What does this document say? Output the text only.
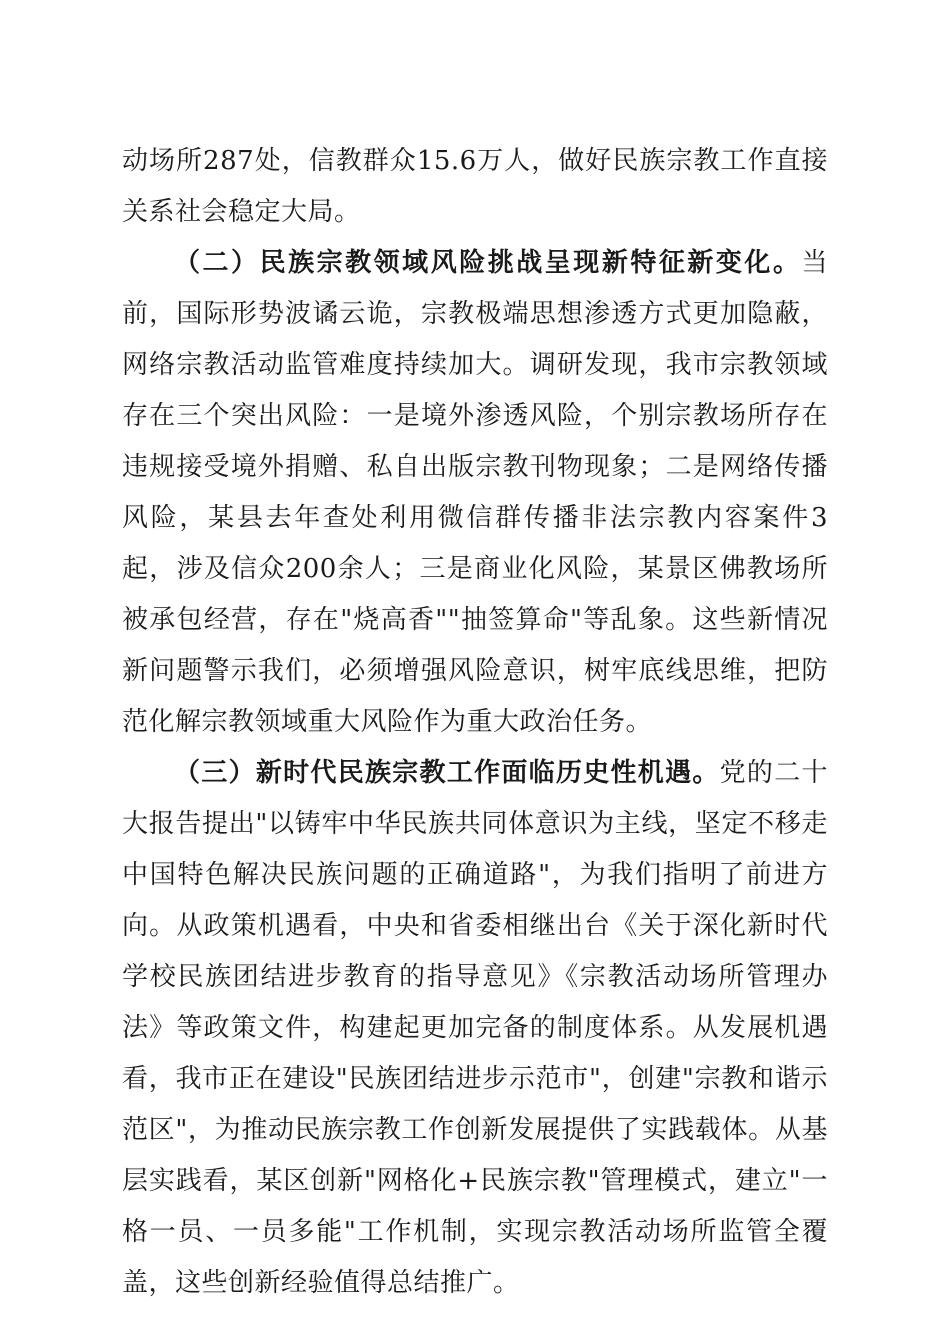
动场所287处，信教群众15.6万人，做好民族宗教工作直接关系社会稳定大局。

（二）民族宗教领域风险挑战呈现新特征新变化。当前，国际形势波谲云诡，宗教极端思想渗透方式更加隐蔽，网络宗教活动监管难度持续加大。调研发现，我市宗教领域存在三个突出风险：一是境外渗透风险，个别宗教场所存在违规接受境外捐赠、私自出版宗教刊物现象；二是网络传播风险，某县去年查处利用微信群传播非法宗教内容案件3起，涉及信众200余人；三是商业化风险，某景区佛教场所被承包经营，存在"烧高香""抽签算命"等乱象。这些新情况新问题警示我们，必须增强风险意识，树牢底线思维，把防范化解宗教领域重大风险作为重大政治任务。

（三）新时代民族宗教工作面临历史性机遇。党的二十大报告提出"以铸牢中华民族共同体意识为主线，坚定不移走中国特色解决民族问题的正确道路"，为我们指明了前进方向。从政策机遇看，中央和省委相继出台《关于深化新时代学校民族团结进步教育的指导意见》《宗教活动场所管理办法》等政策文件，构建起更加完备的制度体系。从发展机遇看，我市正在建设"民族团结进步示范市"，创建"宗教和谐示范区"，为推动民族宗教工作创新发展提供了实践载体。从基层实践看，某区创新"网格化+民族宗教"管理模式，建立"一格一员、一员多能"工作机制，实现宗教活动场所监管全覆盖，这些创新经验值得总结推广。
